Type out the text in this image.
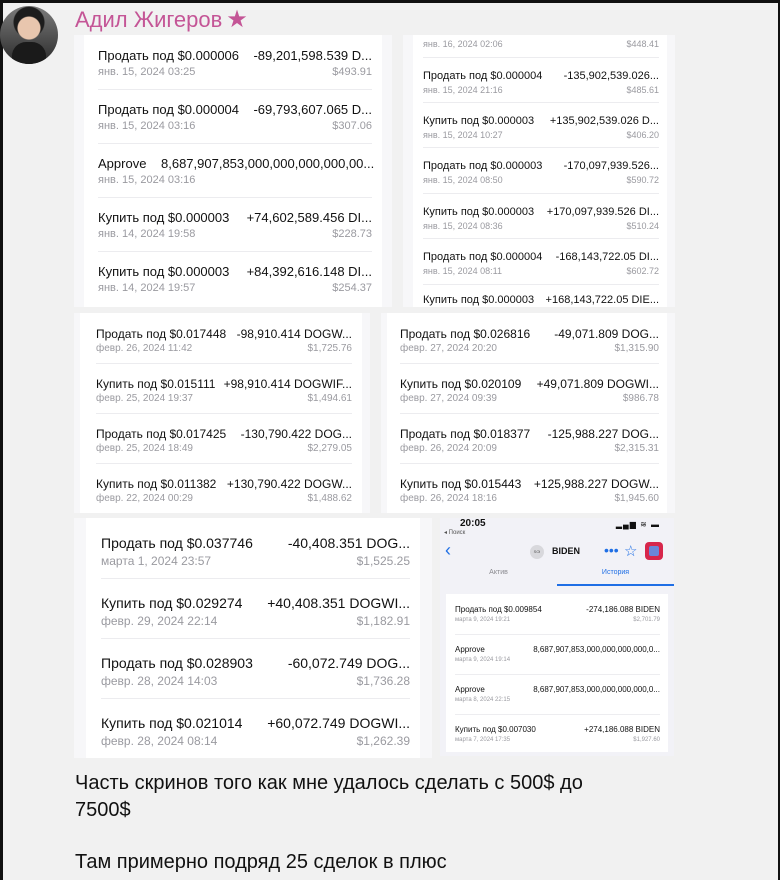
Адил Жигеров ★
Продать под $0.000006 -89,201,598.539 D...
янв. 15, 2024 03:25	$493.91
Продать под $0.000004 -69,793,607.065 D...
янв. 15, 2024 03:16	$307.06
Approve 8,687,907,853,000,000,000,000,00...
янв. 15, 2024 03:16
Купить под $0.000003 +74,602,589.456 DI...
янв. 14, 2024 19:58	$228.73
Купить под $0.000003 +84,392,616.148 DI...
янв. 14, 2024 19:57	$254.37
янв. 16, 2024 02:06	$448.41
Продать под $0.000004 -135,902,539.026...
янв. 15, 2024 21:16	$485.61
Купить под $0.000003 +135,902,539.026 D...
янв. 15, 2024 10:27	$406.20
Продать под $0.000003 -170,097,939.526...
янв. 15, 2024 08:50	$590.72
Купить под $0.000003 +170,097,939.526 DI...
янв. 15, 2024 08:36	$510.24
Продать под $0.000004 -168,143,722.05 DI...
янв. 15, 2024 08:11	$602.72
Купить под $0.000003 +168,143,722.05 DIE...
Продать под $0.017448 -98,910.414 DOGW...
февр. 26, 2024 11:42	$1,725.76
Купить под $0.015111 +98,910.414 DOGWIF...
февр. 25, 2024 19:37	$1,494.61
Продать под $0.017425 -130,790.422 DOG...
февр. 25, 2024 18:49	$2,279.05
Купить под $0.011382 +130,790.422 DOGW...
февр. 22, 2024 00:29	$1,488.62
Продать под $0.026816 -49,071.809 DOG...
февр. 27, 2024 20:20	$1,315.90
Купить под $0.020109 +49,071.809 DOGWI...
февр. 27, 2024 09:39	$986.78
Продать под $0.018377 -125,988.227 DOG...
февр. 26, 2024 20:09	$2,315.31
Купить под $0.015443 +125,988.227 DOGW...
февр. 26, 2024 18:16	$1,945.60
Продать под $0.037746 -40,408.351 DOG...
марта 1, 2024 23:57	$1,525.25
Купить под $0.029274 +40,408.351 DOGWI...
февр. 29, 2024 22:14	$1,182.91
Продать под $0.028903 -60,072.749 DOG...
февр. 28, 2024 14:03	$1,736.28
Купить под $0.021014 +60,072.749 DOGWI...
февр. 28, 2024 08:14	$1,262.39
20:05
◂ Поиск
▂▄▆ ≋ ▬
‹	SOl	BIDEN ••• ☆
Актив	История
Продать под $0.009854	-274,186.088 BIDEN
марта 9, 2024 19:21	$2,701.79
Approve	8,687,907,853,000,000,000,000,0...
марта 9, 2024 19:14
Approve	8,687,907,853,000,000,000,000,0...
марта 8, 2024 22:15
Купить под $0.007030	+274,186.088 BIDEN
марта 7, 2024 17:35	$1,927.60
Часть скринов того как мне удалось сделать с 500$ до
7500$
Там примерно подряд 25 сделок в плюс
